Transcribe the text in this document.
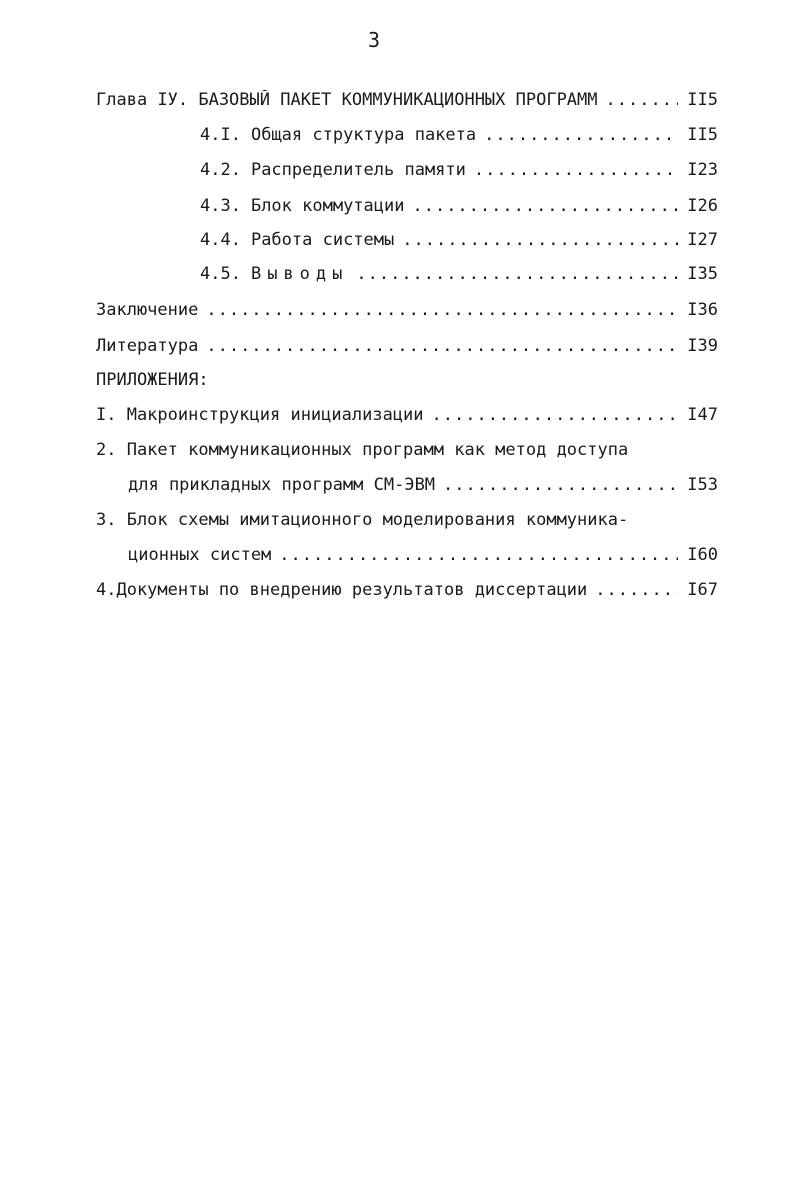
3
Глава ІУ. БАЗОВЫЙ ПАКЕТ КОММУНИКАЦИОННЫХ ПРОГРАММ .....	II5
4.I. Общая структура пакета .....	II5
4.2. Распределитель памяти .....	I23
4.3. Блок коммутации .....	I26
4.4. Работа системы .....	I27
4.5. Выводы .....	I35
Заключение .....	I36
Литература .....	I39
ПРИЛОЖЕНИЯ:
I. Макроинструкция инициализации .....	I47
2. Пакет коммуникационных программ как метод доступа
для прикладных программ СМ-ЭВМ .....	I53
3. Блок схемы имитационного моделирования коммуника-
ционных систем .....	I60
4.Документы по внедрению результатов диссертации .....	I67
